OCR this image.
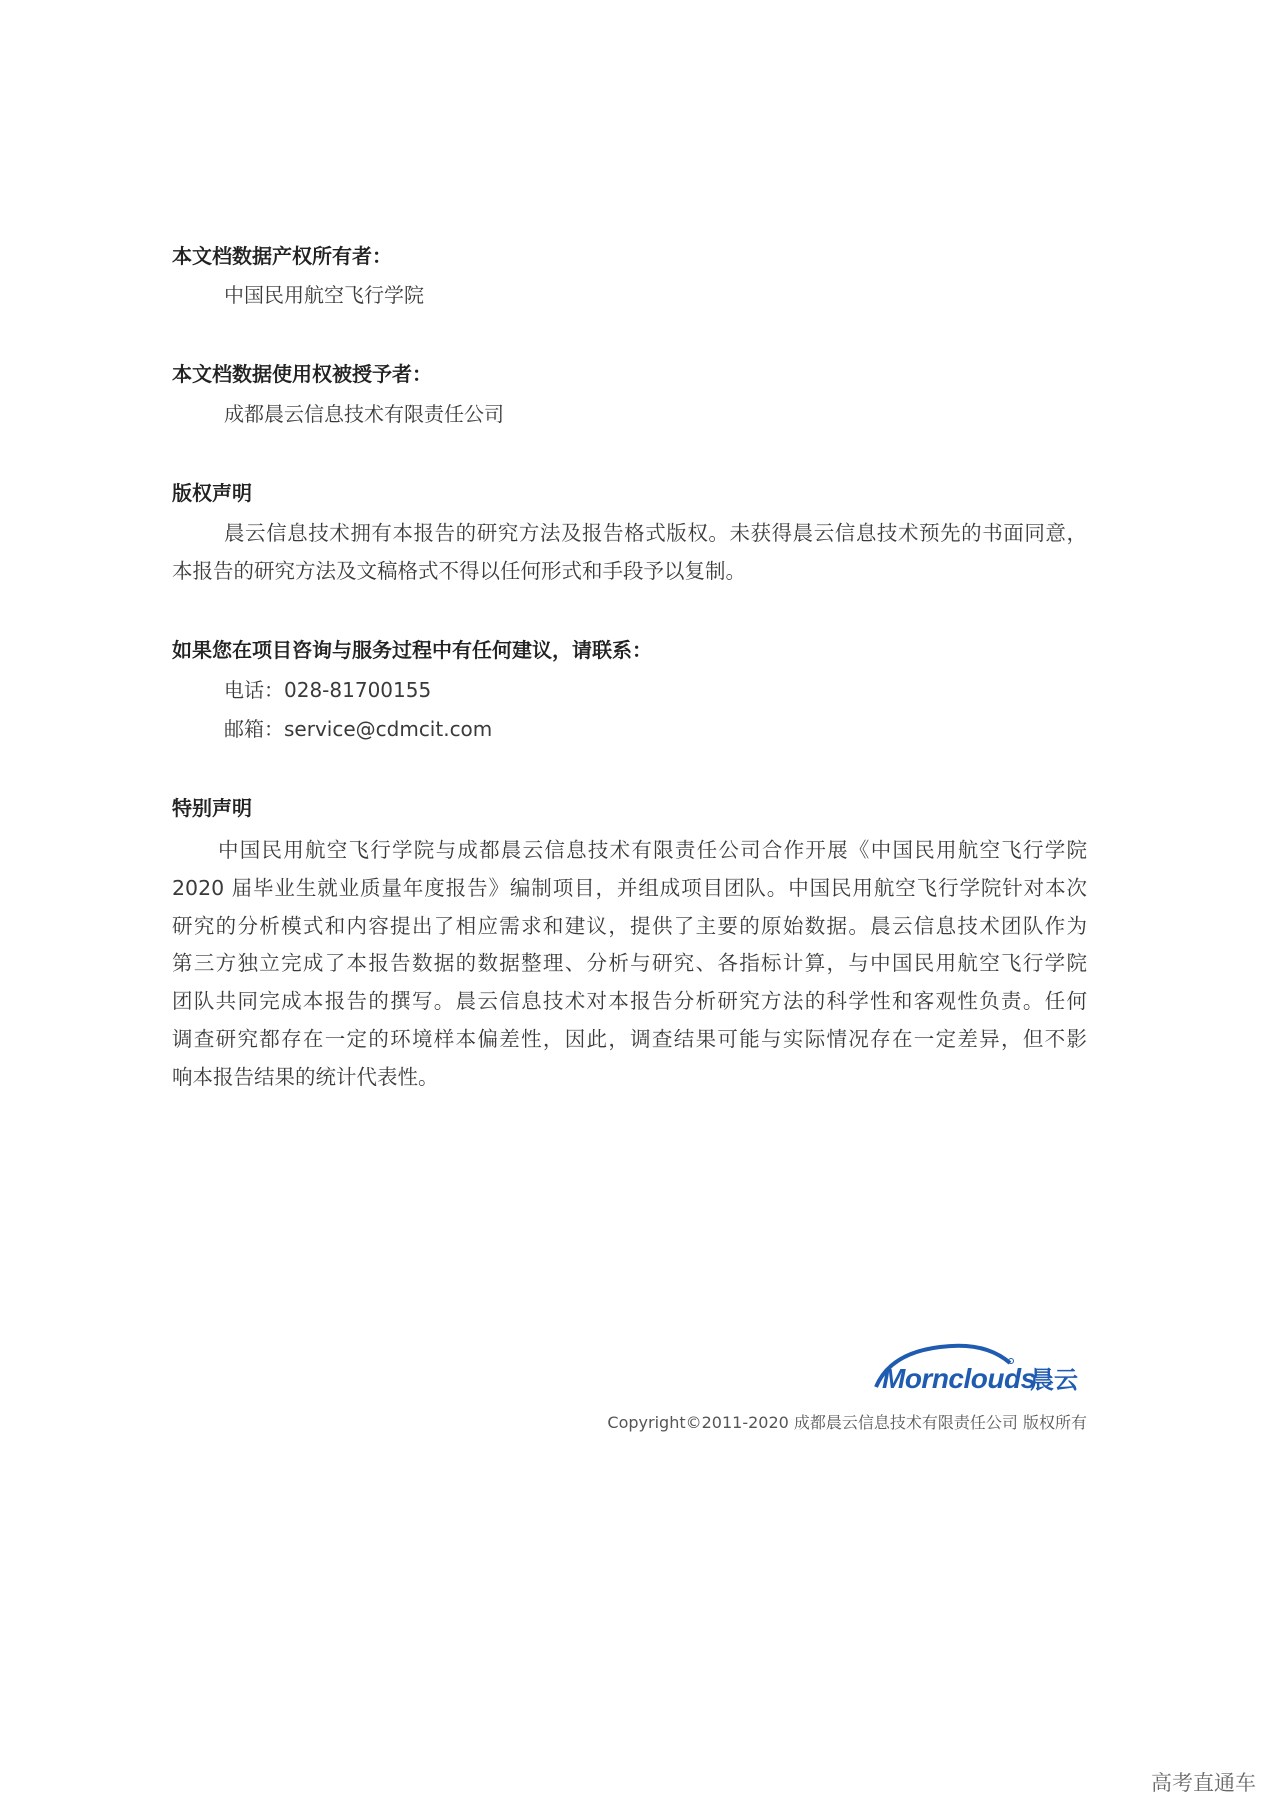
本文档数据产权所有者：
中国民用航空飞行学院
本文档数据使用权被授予者：
成都晨云信息技术有限责任公司
版权声明
晨云信息技术拥有本报告的研究方法及报告格式版权。未获得晨云信息技术预先的书面同意，
本报告的研究方法及文稿格式不得以任何形式和手段予以复制。
如果您在项目咨询与服务过程中有任何建议，请联系：
电话：028-81700155
邮箱：service@cdmcit.com
特别声明
中国民用航空飞行学院与成都晨云信息技术有限责任公司合作开展《中国民用航空飞行学院
2020 届毕业生就业质量年度报告》编制项目，并组成项目团队。中国民用航空飞行学院针对本次
研究的分析模式和内容提出了相应需求和建议，提供了主要的原始数据。晨云信息技术团队作为
第三方独立完成了本报告数据的数据整理、分析与研究、各指标计算，与中国民用航空飞行学院
团队共同完成本报告的撰写。晨云信息技术对本报告分析研究方法的科学性和客观性负责。任何
调查研究都存在一定的环境样本偏差性，因此，调查结果可能与实际情况存在一定差异，但不影
响本报告结果的统计代表性。
Mornclouds
晨云
Copyright©2011-2020 成都晨云信息技术有限责任公司 版权所有
高考直通车
